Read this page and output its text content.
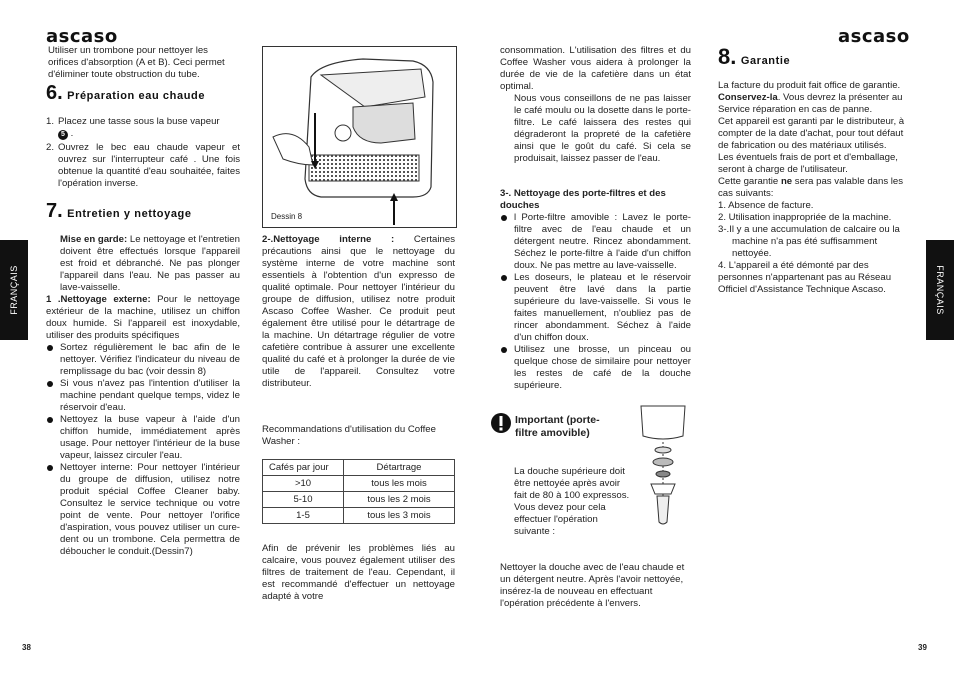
ascaso
Utiliser un trombone pour nettoyer les orifices d'absorption (A et B). Ceci permet d'éliminer toute obstruction du tube.
6. Préparation eau chaude
1. Placez une tasse sous la buse vapeur
5 .
2. Ouvrez le bec eau chaude vapeur et ouvrez sur l'interrupteur café . Une fois obtenue la quantité d'eau souhaitée, faites l'opération inverse.
7. Entretien y nettoyage
Mise en garde: Le nettoyage et l'entretien doivent être effectués lorsque l'appareil est froid et débranché. Ne pas plonger l'appareil dans l'eau. Ne pas passer au lave-vaisselle.
1 .Nettoyage externe: Pour le nettoyage extérieur de la machine, utilisez un chiffon doux humide. Si l'appareil est inoxydable, utiliser des produits spécifiques
Sortez régulièrement le bac afin de le nettoyer. Vérifiez l'indicateur du niveau de remplissage du bac (voir dessin 8)
Si vous n'avez pas l'intention d'utiliser la machine pendant quelque temps, videz le réservoir d'eau.
Nettoyez la buse vapeur à l'aide d'un chiffon humide, immédiatement après usage. Pour nettoyer l'intérieur de la buse vapeur, laissez circuler l'eau.
Nettoyer interne: Pour nettoyer l'intérieur du groupe de diffusion, utilisez notre produit spécial Coffee Cleaner baby. Consultez le service technique ou votre point de vente. Pour nettoyer l'orifice d'aspiration, vous pouvez utiliser un cure-dent ou un trombone. Cela permettra de déboucher le conduit.(Dessin7)
Dessin 8
2-.Nettoyage interne : Certaines précautions ainsi que le nettoyage du système interne de votre machine sont essentiels à l'obtention d'un expresso de qualité optimale. Pour nettoyer l'intérieur du groupe de diffusion, utilisez notre produit Ascaso Coffee Washer. Ce produit peut également être utilisé pour le détartrage de la machine. Un détartrage régulier de votre cafetière contribue à assurer une excellente qualité du café et à prolonger la durée de vie utile de l'appareil. Consultez votre distributeur.
Recommandations d'utilisation du Coffee Washer :
Cafés par jour	Détartrage
>10	tous les mois
5-10	tous les 2 mois
1-5	tous les 3 mois
Afin de prévenir les problèmes liés au calcaire, vous pouvez également utiliser des filtres de traitement de l'eau. Cependant, il est recommandé d'effectuer un nettoyage adapté à votre
38
FRANÇAIS
consommation. L'utilisation des filtres et du Coffee Washer vous aidera à prolonger la durée de vie de la cafetière dans un état optimal.
Nous vous conseillons de ne pas laisser le café moulu ou la dosette dans le porte-filtre. Le café laissera des restes qui dégraderont la propreté de la cafetière ainsi que le goût du café. Si cela se produisait, laissez passer de l'eau.
3-. Nettoyage des porte-filtres et des douches
l Porte-filtre amovible : Lavez le porte-filtre avec de l'eau chaude et un détergent neutre. Rincez abondamment. Séchez le porte-filtre à l'aide d'un chiffon doux. Ne pas mettre au lave-vaisselle.
Les doseurs, le plateau et le réservoir peuvent être lavé dans la partie supérieure du lave-vaisselle. Si vous le faites manuellement, n'oubliez pas de rincer abondamment. Séchez à l'aide d'un chiffon doux.
Utilisez une brosse, un pinceau ou quelque chose de similaire pour nettoyer les restes de café de la douche supérieure.
Important (porte-filtre amovible)
La douche supérieure doit être nettoyée après avoir fait de 80 à 100 expressos. Vous devez pour cela effectuer l'opération suivante :
Nettoyer la douche avec de l'eau chaude et un détergent neutre. Après l'avoir nettoyée, insérez-la de nouveau en effectuant l'opération précédente à l'envers.
ascaso
8. Garantie
La facture du produit fait office de garantie. Conservez-la. Vous devrez la présenter au Service réparation en cas de panne.
Cet appareil est garanti par le distributeur, à compter de la date d'achat, pour tout défaut de fabrication ou des matériaux utilisés.
Les éventuels frais de port et d'emballage, seront à charge de l'utilisateur.
Cette garantie ne sera pas valable dans les cas suivants:
1. Absence de facture.
2. Utilisation inappropriée de la machine.
3-.Il y a une accumulation de calcaire ou la machine n'a pas été suffisamment nettoyée.
4. L'appareil a été démonté par des personnes n'appartenant pas au Réseau Officiel d'Assistance Technique Ascaso.
39
FRANÇAIS
